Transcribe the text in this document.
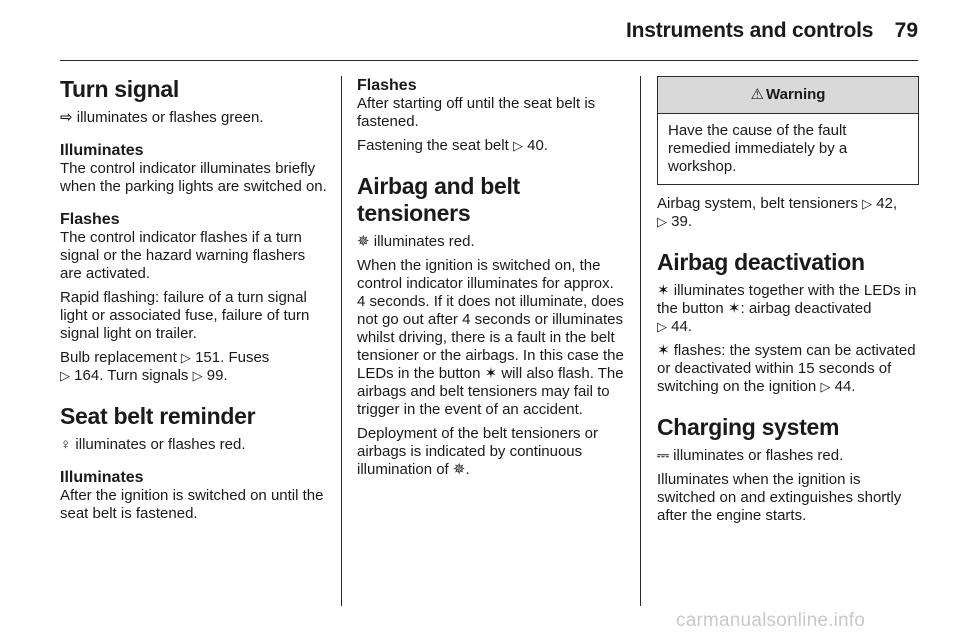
Instruments and controls 79
Turn signal

⇨ illuminates or flashes green.

Illuminates

The control indicator illuminates briefly when the parking lights are switched on.

Flashes

The control indicator flashes if a turn signal or the hazard warning flashers are activated.

Rapid flashing: failure of a turn signal light or associated fuse, failure of turn signal light on trailer.

Bulb replacement ▷ 151. Fuses
▷ 164. Turn signals ▷ 99.

Seat belt reminder

♀ illuminates or flashes red.

Illuminates

After the ignition is switched on until the seat belt is fastened.

Flashes

After starting off until the seat belt is fastened.

Fastening the seat belt ▷ 40.

Airbag and belt tensioners

✵ illuminates red.

When the ignition is switched on, the control indicator illuminates for approx. 4 seconds. If it does not illuminate, does not go out after 4 seconds or illuminates whilst driving, there is a fault in the belt tensioner or the airbags. In this case the LEDs in the button ✶ will also flash. The airbags and belt tensioners may fail to trigger in the event of an accident.

Deployment of the belt tensioners or airbags is indicated by continuous illumination of ✵.

⚠ Warning
Have the cause of the fault remedied immediately by a workshop.

Airbag system, belt tensioners ▷ 42,
▷ 39.

Airbag deactivation

✶ illuminates together with the LEDs in the button ✶: airbag deactivated
▷ 44.

✶ flashes: the system can be activated or deactivated within 15 seconds of switching on the ignition ▷ 44.

Charging system

⎓ illuminates or flashes red.

Illuminates when the ignition is switched on and extinguishes shortly after the engine starts.

carmanualsonline.info
